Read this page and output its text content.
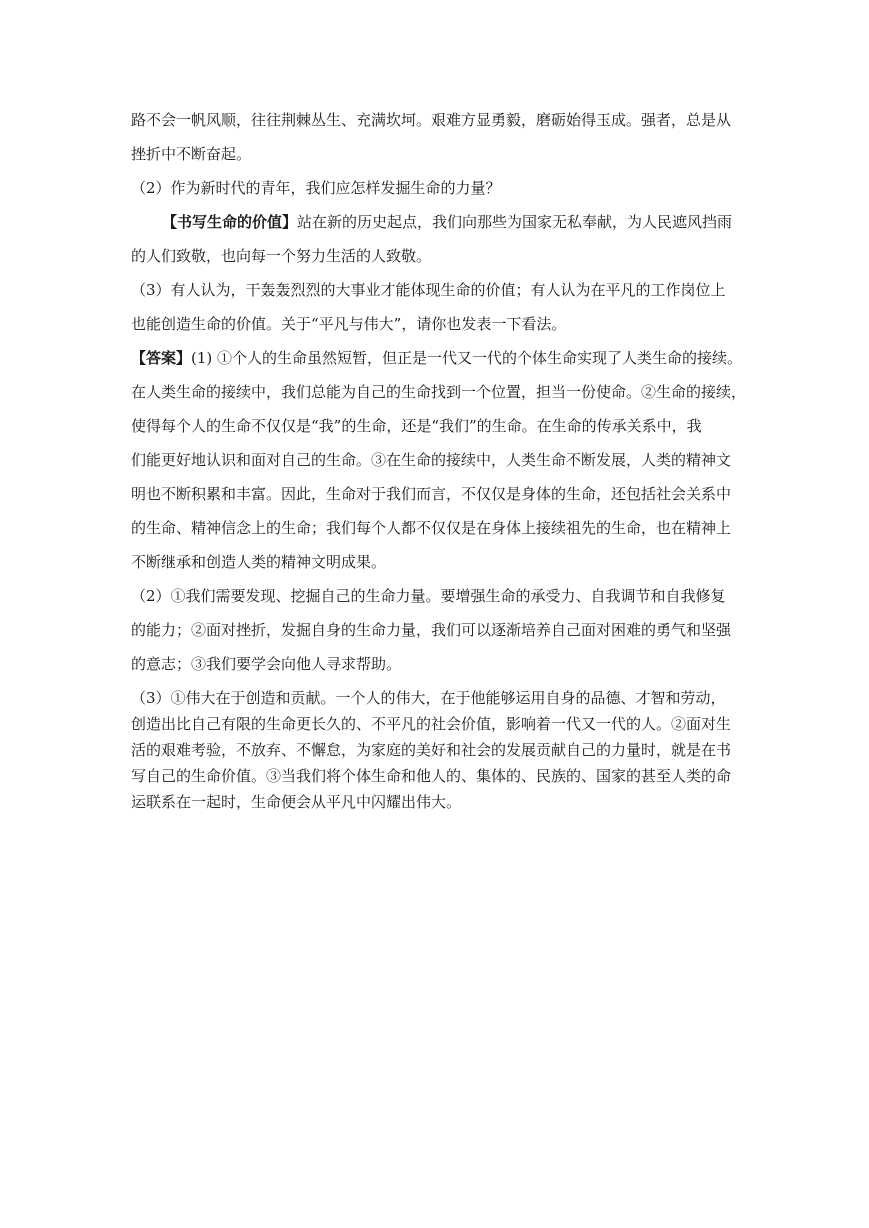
路不会一帆风顺，往往荆棘丛生、充满坎坷。艰难方显勇毅，磨砺始得玉成。强者，总是从

挫折中不断奋起。

（2）作为新时代的青年，我们应怎样发掘生命的力量？

【书写生命的价值】站在新的历史起点，我们向那些为国家无私奉献，为人民遮风挡雨

的人们致敬，也向每一个努力生活的人致敬。

（3）有人认为，干轰轰烈烈的大事业才能体现生命的价值；有人认为在平凡的工作岗位上

也能创造生命的价值。关于“平凡与伟大”，请你也发表一下看法。

【答案】(1) ①个人的生命虽然短暂，但正是一代又一代的个体生命实现了人类生命的接续。

在人类生命的接续中，我们总能为自己的生命找到一个位置，担当一份使命。②生命的接续，

使得每个人的生命不仅仅是“我”的生命，还是“我们”的生命。在生命的传承关系中，我

们能更好地认识和面对自己的生命。③在生命的接续中，人类生命不断发展，人类的精神文

明也不断积累和丰富。因此，生命对于我们而言，不仅仅是身体的生命，还包括社会关系中

的生命、精神信念上的生命；我们每个人都不仅仅是在身体上接续祖先的生命，也在精神上

不断继承和创造人类的精神文明成果。

（2）①我们需要发现、挖掘自己的生命力量。要增强生命的承受力、自我调节和自我修复

的能力；②面对挫折，发掘自身的生命力量，我们可以逐渐培养自己面对困难的勇气和坚强

的意志；③我们要学会向他人寻求帮助。

（3）①伟大在于创造和贡献。一个人的伟大，在于他能够运用自身的品德、才智和劳动，

创造出比自己有限的生命更长久的、不平凡的社会价值，影响着一代又一代的人。②面对生

活的艰难考验，不放弃、不懈怠，为家庭的美好和社会的发展贡献自己的力量时，就是在书

写自己的生命价值。③当我们将个体生命和他人的、集体的、民族的、国家的甚至人类的命

运联系在一起时，生命便会从平凡中闪耀出伟大。
